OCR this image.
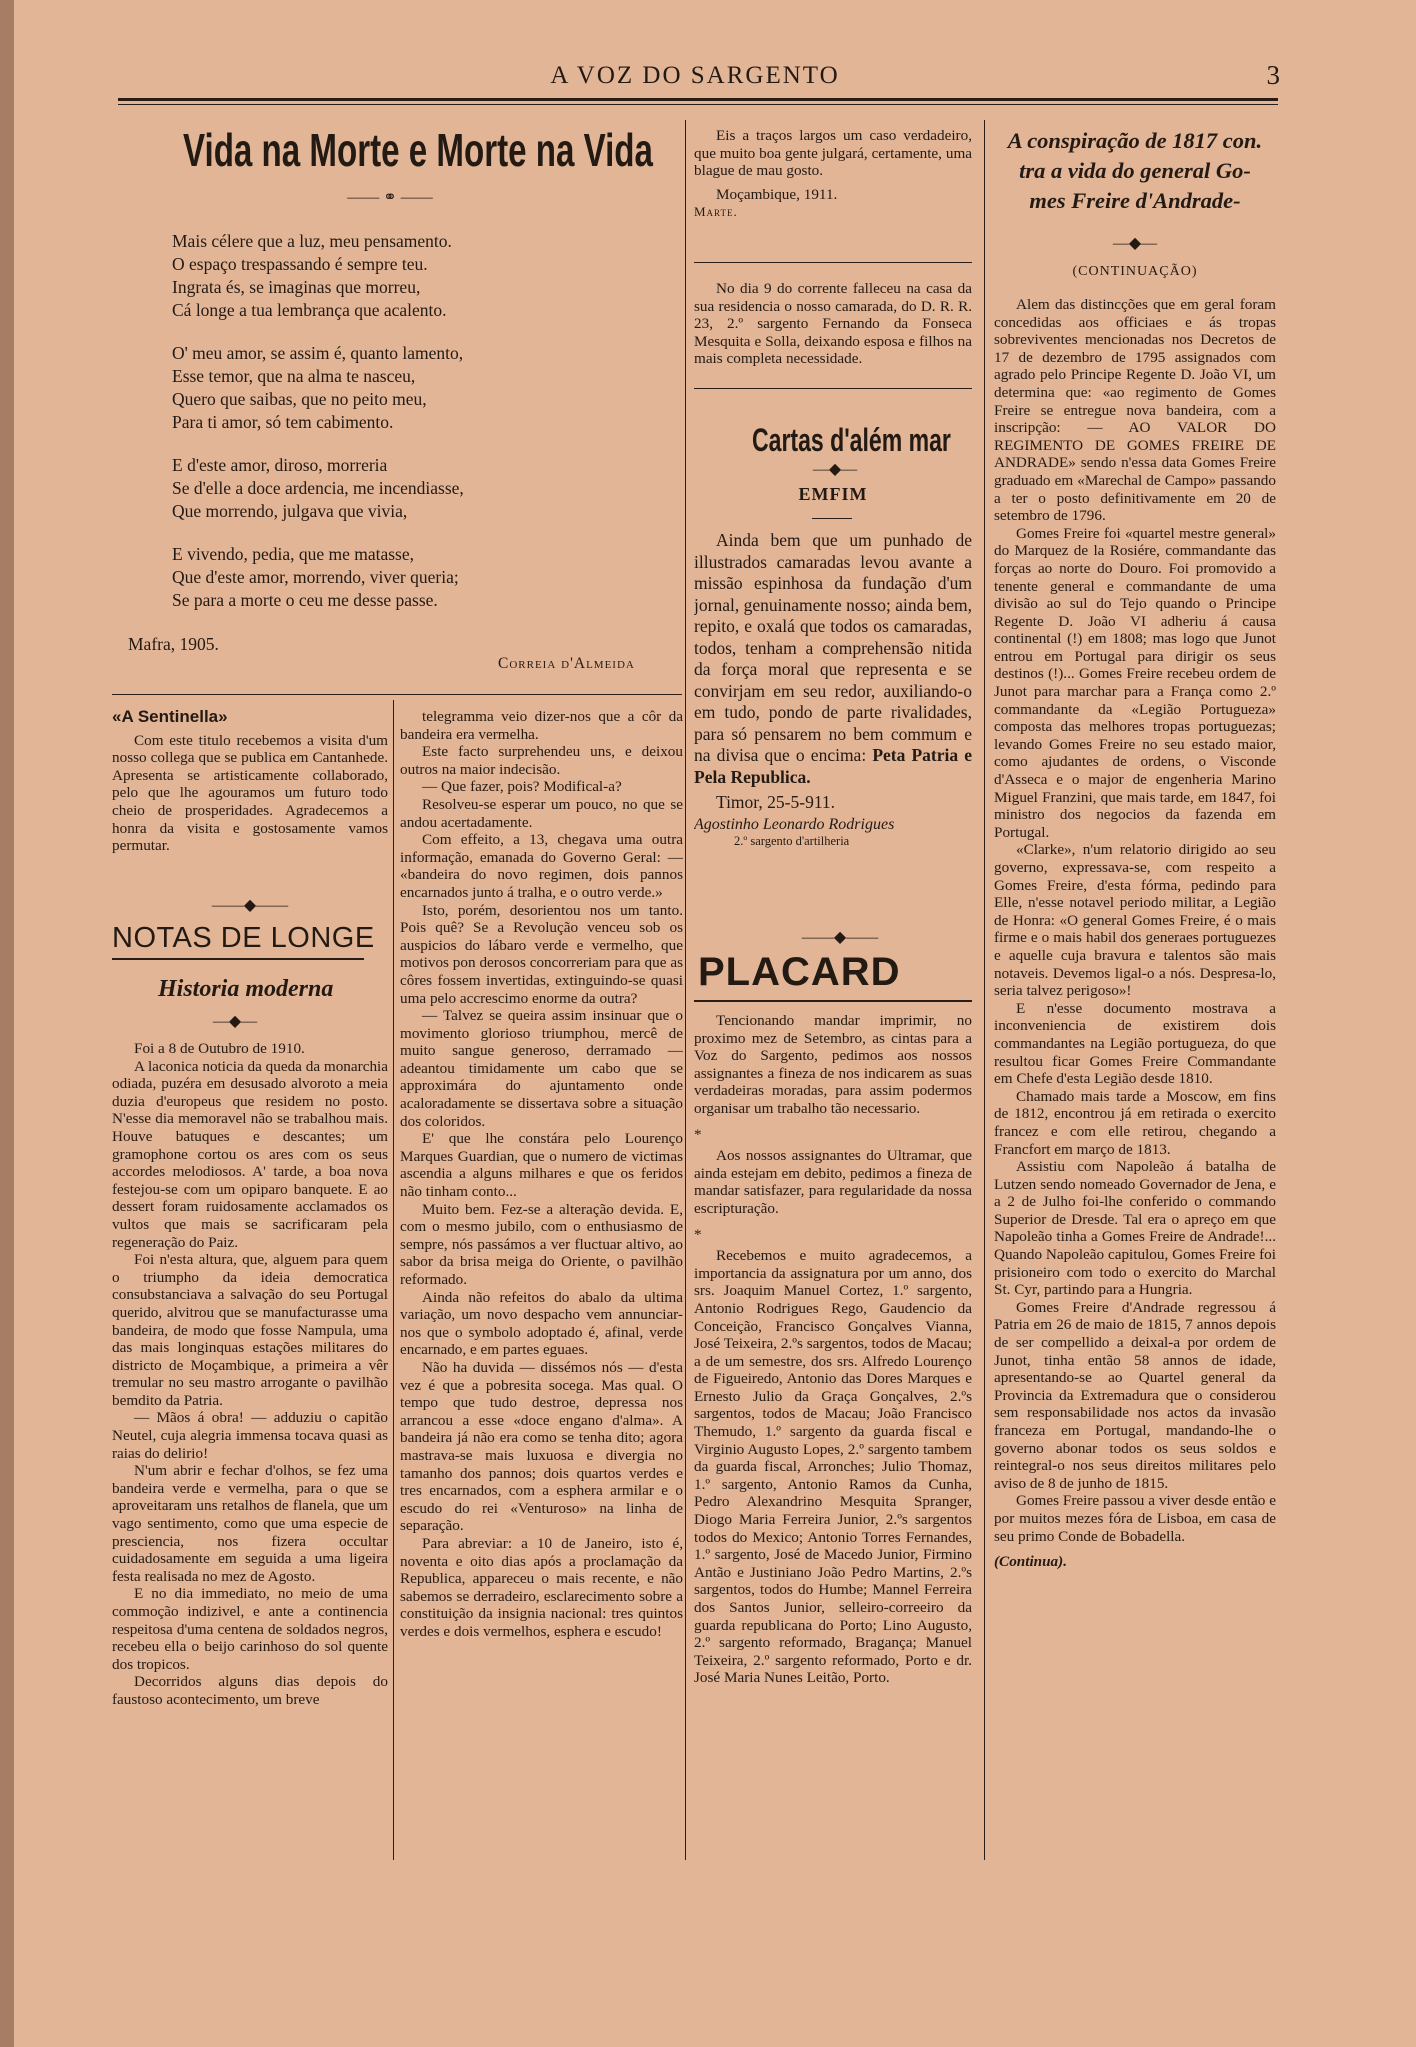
A VOZ DO SARGENTO	3
Vida na Morte e Morte na Vida
—— ⚭ ——
Mais célere que a luz, meu pensamento.
O espaço trespassando é sempre teu.
Ingrata és, se imaginas que morreu,
Cá longe a tua lembrança que acalento.
O' meu amor, se assim é, quanto lamento,
Esse temor, que na alma te nasceu,
Quero que saibas, que no peito meu,
Para ti amor, só tem cabimento.
E d'este amor, diroso, morreria
Se d'elle a doce ardencia, me incendiasse,
Que morrendo, julgava que vivia,
E vivendo, pedia, que me matasse,
Que d'este amor, morrendo, viver queria;
Se para a morte o ceu me desse passe.
Mafra, 1905.
Correia d'Almeida

Eis a traços largos um caso verdadeiro, que muito boa gente julgará, certamente, uma blague de mau gosto.

Moçambique, 1911.

Marte.

No dia 9 do corrente falleceu na casa da sua residencia o nosso camarada, do D. R. R. 23, 2.º sargento Fernando da Fonseca Mesquita e Solla, deixando esposa e filhos na mais completa necessidade.

Cartas d'além mar
—◆—
EMFIM

Ainda bem que um punhado de illustrados camaradas levou avante a missão espinhosa da fundação d'um jornal, genuinamente nosso; ainda bem, repito, e oxalá que todos os camaradas, todos, tenham a comprehensão nitida da força moral que representa e se convirjam em seu redor, auxiliando-o em tudo, pondo de parte rivalidades, para só pensarem no bem commum e na divisa que o encima: Peta Patria e Pela Republica.

Timor, 25-5-911.

Agostinho Leonardo Rodrigues

2.º sargento d'artilheria

——◆——
PLACARD

Tencionando mandar imprimir, no proximo mez de Setembro, as cintas para a Voz do Sargento, pedimos aos nossos assignantes a fineza de nos indicarem as suas verdadeiras moradas, para assim podermos organisar um trabalho tão necessario.

*

Aos nossos assignantes do Ultramar, que ainda estejam em debito, pedimos a fineza de mandar satisfazer, para regularidade da nossa escripturação.

*

Recebemos e muito agradecemos, a importancia da assignatura por um anno, dos srs. Joaquim Manuel Cortez, 1.º sargento, Antonio Rodrigues Rego, Gaudencio da Conceição, Francisco Gonçalves Vianna, José Teixeira, 2.ºs sargentos, todos de Macau; a de um semestre, dos srs. Alfredo Lourenço de Figueiredo, Antonio das Dores Marques e Ernesto Julio da Graça Gonçalves, 2.ºs sargentos, todos de Macau; João Francisco Themudo, 1.º sargento da guarda fiscal e Virginio Augusto Lopes, 2.º sargento tambem da guarda fiscal, Arronches; Julio Thomaz, 1.º sargento, Antonio Ramos da Cunha, Pedro Alexandrino Mesquita Spranger, Diogo Maria Ferreira Junior, 2.ºs sargentos todos do Mexico; Antonio Torres Fernandes, 1.º sargento, José de Macedo Junior, Firmino Antão e Justiniano João Pedro Martins, 2.ºs sargentos, todos do Humbe; Mannel Ferreira dos Santos Junior, selleiro-correeiro da guarda republicana do Porto; Lino Augusto, 2.º sargento reformado, Bragança; Manuel Teixeira, 2.º sargento reformado, Porto e dr. José Maria Nunes Leitão, Porto.

«A Sentinella»

Com este titulo recebemos a visita d'um nosso collega que se publica em Cantanhede. Apresenta se artisticamente collaborado, pelo que lhe agouramos um futuro todo cheio de prosperidades. Agradecemos a honra da visita e gostosamente vamos permutar.

——◆——
NOTAS DE LONGE
Historia moderna
—◆—

Foi a 8 de Outubro de 1910.

A laconica noticia da queda da monarchia odiada, puzéra em desusado alvoroto a meia duzia d'europeus que residem no posto. N'esse dia memoravel não se trabalhou mais. Houve batuques e descantes; um gramophone cortou os ares com os seus accordes melodiosos. A' tarde, a boa nova festejou-se com um opiparo banquete. E ao dessert foram ruidosamente acclamados os vultos que mais se sacrificaram pela regeneração do Paiz.

Foi n'esta altura, que, alguem para quem o triumpho da ideia democratica consubstanciava a salvação do seu Portugal querido, alvitrou que se manufacturasse uma bandeira, de modo que fosse Nampula, uma das mais longinquas estações militares do districto de Moçambique, a primeira a vêr tremular no seu mastro arrogante o pavilhão bemdito da Patria.

— Mãos á obra! — adduziu o capitão Neutel, cuja alegria immensa tocava quasi as raias do delirio!

N'um abrir e fechar d'olhos, se fez uma bandeira verde e vermelha, para o que se aproveitaram uns retalhos de flanela, que um vago sentimento, como que uma especie de presciencia, nos fizera occultar cuidadosamente em seguida a uma ligeira festa realisada no mez de Agosto.

E no dia immediato, no meio de uma commoção indizivel, e ante a continencia respeitosa d'uma centena de soldados negros, recebeu ella o beijo carinhoso do sol quente dos tropicos.

Decorridos alguns dias depois do faustoso acontecimento, um breve

telegramma veio dizer-nos que a côr da bandeira era vermelha.

Este facto surprehendeu uns, e deixou outros na maior indecisão.

— Que fazer, pois? Modifical-a?

Resolveu-se esperar um pouco, no que se andou acertadamente.

Com effeito, a 13, chegava uma outra informação, emanada do Governo Geral: — «bandeira do novo regimen, dois pannos encarnados junto á tralha, e o outro verde.»

Isto, porém, desorientou nos um tanto. Pois quê? Se a Revolução venceu sob os auspicios do lábaro verde e vermelho, que motivos pon derosos concorreriam para que as côres fossem invertidas, extinguindo-se quasi uma pelo accrescimo enorme da outra?

— Talvez se queira assim insinuar que o movimento glorioso triumphou, mercê de muito sangue generoso, derramado — adeantou timidamente um cabo que se approximára do ajuntamento onde acaloradamente se dissertava sobre a situação dos coloridos.

E' que lhe constára pelo Lourenço Marques Guardian, que o numero de victimas ascendia a alguns milhares e que os feridos não tinham conto...

Muito bem. Fez-se a alteração devida. E, com o mesmo jubilo, com o enthusiasmo de sempre, nós passámos a ver fluctuar altivo, ao sabor da brisa meiga do Oriente, o pavilhão reformado.

Ainda não refeitos do abalo da ultima variação, um novo despacho vem annunciar-nos que o symbolo adoptado é, afinal, verde encarnado, e em partes eguaes.

Não ha duvida — dissémos nós — d'esta vez é que a pobresita socega. Mas qual. O tempo que tudo destroe, depressa nos arrancou a esse «doce engano d'alma». A bandeira já não era como se tenha dito; agora mastrava-se mais luxuosa e divergia no tamanho dos pannos; dois quartos verdes e tres encarnados, com a esphera armilar e o escudo do rei «Venturoso» na linha de separação.

Para abreviar: a 10 de Janeiro, isto é, noventa e oito dias após a proclamação da Republica, appareceu o mais recente, e não sabemos se derradeiro, esclarecimento sobre a constituição da insignia nacional: tres quintos verdes e dois vermelhos, esphera e escudo!

A conspiração de 1817 con.
tra a vida do general Go-
mes Freire d'Andrade-
—◆—
(CONTINUAÇÃO)

Alem das distincções que em geral foram concedidas aos officiaes e ás tropas sobreviventes mencionadas nos Decretos de 17 de dezembro de 1795 assignados com agrado pelo Principe Regente D. João VI, um determina que: «ao regimento de Gomes Freire se entregue nova bandeira, com a inscripção: — AO VALOR DO REGIMENTO DE GOMES FREIRE DE ANDRADE» sendo n'essa data Gomes Freire graduado em «Marechal de Campo» passando a ter o posto definitivamente em 20 de setembro de 1796.

Gomes Freire foi «quartel mestre general» do Marquez de la Rosiére, commandante das forças ao norte do Douro. Foi promovido a tenente general e commandante de uma divisão ao sul do Tejo quando o Principe Regente D. João VI adheriu á causa continental (!) em 1808; mas logo que Junot entrou em Portugal para dirigir os seus destinos (!)... Gomes Freire recebeu ordem de Junot para marchar para a França como 2.º commandante da «Legião Portugueza» composta das melhores tropas portuguezas; levando Gomes Freire no seu estado maior, como ajudantes de ordens, o Visconde d'Asseca e o major de engenheria Marino Miguel Franzini, que mais tarde, em 1847, foi ministro dos negocios da fazenda em Portugal.

«Clarke», n'um relatorio dirigido ao seu governo, expressava-se, com respeito a Gomes Freire, d'esta fórma, pedindo para Elle, n'esse notavel periodo militar, a Legião de Honra: «O general Gomes Freire, é o mais firme e o mais habil dos generaes portuguezes e aquelle cuja bravura e talentos são mais notaveis. Devemos ligal-o a nós. Despresa-lo, seria talvez perigoso»!

E n'esse documento mostrava a inconveniencia de existirem dois commandantes na Legião portugueza, do que resultou ficar Gomes Freire Commandante em Chefe d'esta Legião desde 1810.

Chamado mais tarde a Moscow, em fins de 1812, encontrou já em retirada o exercito francez e com elle retirou, chegando a Francfort em março de 1813.

Assistiu com Napoleão á batalha de Lutzen sendo nomeado Governador de Jena, e a 2 de Julho foi-lhe conferido o commando Superior de Dresde. Tal era o apreço em que Napoleão tinha a Gomes Freire de Andrade!... Quando Napoleão capitulou, Gomes Freire foi prisioneiro com todo o exercito do Marchal St. Cyr, partindo para a Hungria.

Gomes Freire d'Andrade regressou á Patria em 26 de maio de 1815, 7 annos depois de ser compellido a deixal-a por ordem de Junot, tinha então 58 annos de idade, apresentando-se ao Quartel general da Provincia da Extremadura que o considerou sem responsabilidade nos actos da invasão franceza em Portugal, mandando-lhe o governo abonar todos os seus soldos e reintegral-o nos seus direitos militares pelo aviso de 8 de junho de 1815.

Gomes Freire passou a viver desde então e por muitos mezes fóra de Lisboa, em casa de seu primo Conde de Bobadella.

(Continua).
